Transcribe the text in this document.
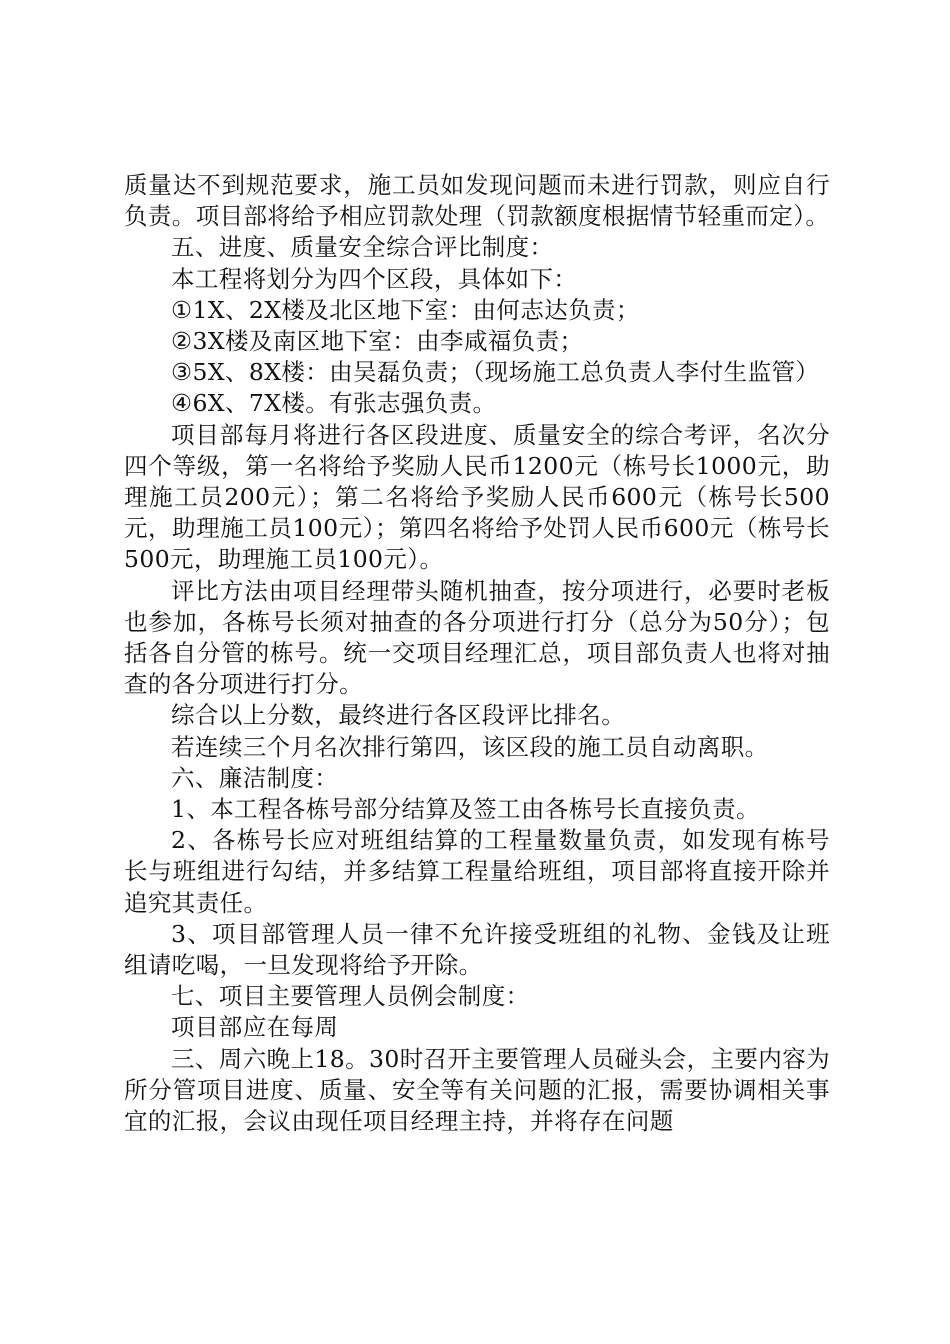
质量达不到规范要求，施工员如发现问题而未进行罚款，则应自行负责。项目部将给予相应罚款处理（罚款额度根据情节轻重而定）。

五、进度、质量安全综合评比制度：

本工程将划分为四个区段，具体如下：

①1X、2X楼及北区地下室：由何志达负责；

②3X楼及南区地下室：由李咸福负责；

③5X、8X楼：由吴磊负责；（现场施工总负责人李付生监管）

④6X、7X楼。有张志强负责。

项目部每月将进行各区段进度、质量安全的综合考评，名次分四个等级，第一名将给予奖励人民币1200元（栋号长1000元，助理施工员200元）；第二名将给予奖励人民币600元（栋号长500元，助理施工员100元）；第四名将给予处罚人民币600元（栋号长500元，助理施工员100元）。

评比方法由项目经理带头随机抽查，按分项进行，必要时老板也参加，各栋号长须对抽查的各分项进行打分（总分为50分）；包括各自分管的栋号。统一交项目经理汇总，项目部负责人也将对抽查的各分项进行打分。

综合以上分数，最终进行各区段评比排名。

若连续三个月名次排行第四，该区段的施工员自动离职。

六、廉洁制度：

1、本工程各栋号部分结算及签工由各栋号长直接负责。

2、各栋号长应对班组结算的工程量数量负责，如发现有栋号长与班组进行勾结，并多结算工程量给班组，项目部将直接开除并追究其责任。

3、项目部管理人员一律不允许接受班组的礼物、金钱及让班组请吃喝，一旦发现将给予开除。

七、项目主要管理人员例会制度：

项目部应在每周

三、周六晚上18。30时召开主要管理人员碰头会，主要内容为所分管项目进度、质量、安全等有关问题的汇报，需要协调相关事宜的汇报，会议由现任项目经理主持，并将存在问题
